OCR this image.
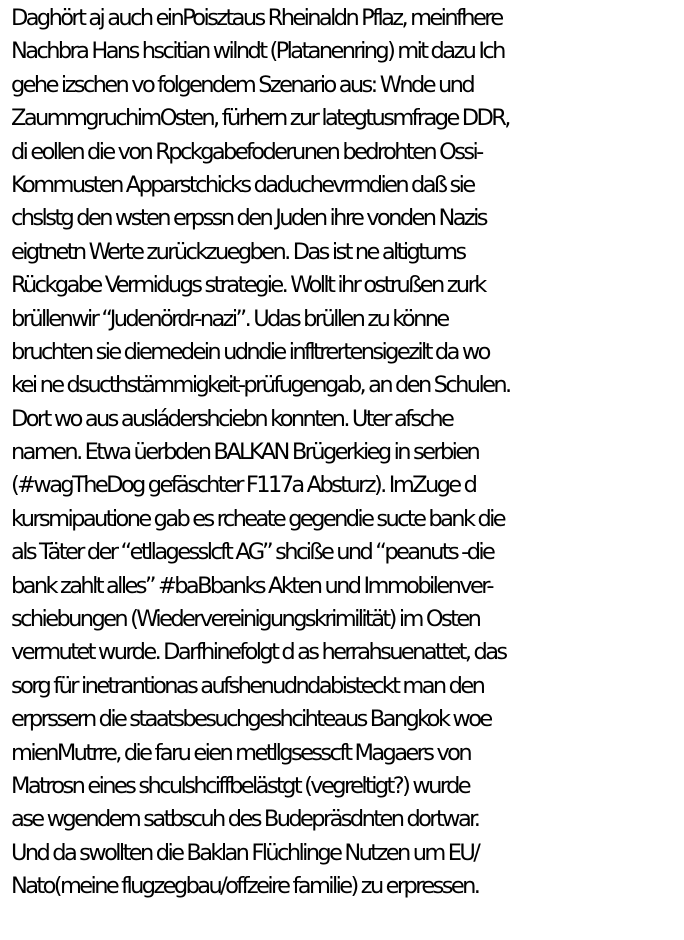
Daghört aj auch einPoisztaus Rheinaldn Pflaz, meinfhere
Nachbra Hans hscitian wilndt (Platanenring) mit dazu Ich
gehe izschen vo folgendem Szenario aus: Wnde und
ZaummgruchimOsten, fürhern zur lategtusmfrage DDR,
di eollen die von Rpckgabefoderunen bedrohten Ossi-
Kommusten Apparstchicks daduchevrmdien daß sie
chslstg den wsten erpssn den Juden ihre vonden Nazis
eigtnetn Werte zurückzuegben. Das ist ne altigtums
Rückgabe Vermidugs strategie. Wollt ihr ostrußen zurk
brüllenwir “Judenördr-nazi”. Udas brüllen zu könne
bruchten sie diemedein udndie infltrertensigezilt da wo
kei ne dsucthstämmigkeit-prüfugengab, an den Schulen.
Dort wo aus ausládershciebn konnten. Uter afsche
namen. Etwa üerbden BALKAN Brügerkieg in serbien
(#wagTheDog gefäschter F117a Absturz). ImZuge d
kursmipautione gab es rcheate gegendie sucte bank die
als Täter der “etllagesslcft AG” shciße und “peanuts -die
bank zahlt alles” #baBbanks Akten und Immobilenver-
schiebungen (Wiedervereinigungskrimilität) im Osten
vermutet wurde. Darfhinefolgt d as herrahsuenattet, das
sorg für inetrantionas aufshenudndabisteckt man den
erprssern die staatsbesuchgeshcihteaus Bangkok woe
mienMutrre, die faru eien metllgsesscft Magaers von
Matrosn eines shculshciffbelästgt (vegreltigt?) wurde
ase wgendem satbscuh des Budepräsdnten dortwar.
Und da swollten die Baklan Flüchlinge Nutzen um EU/
Nato(meine flugzegbau/offzeire familie) zu erpressen.
